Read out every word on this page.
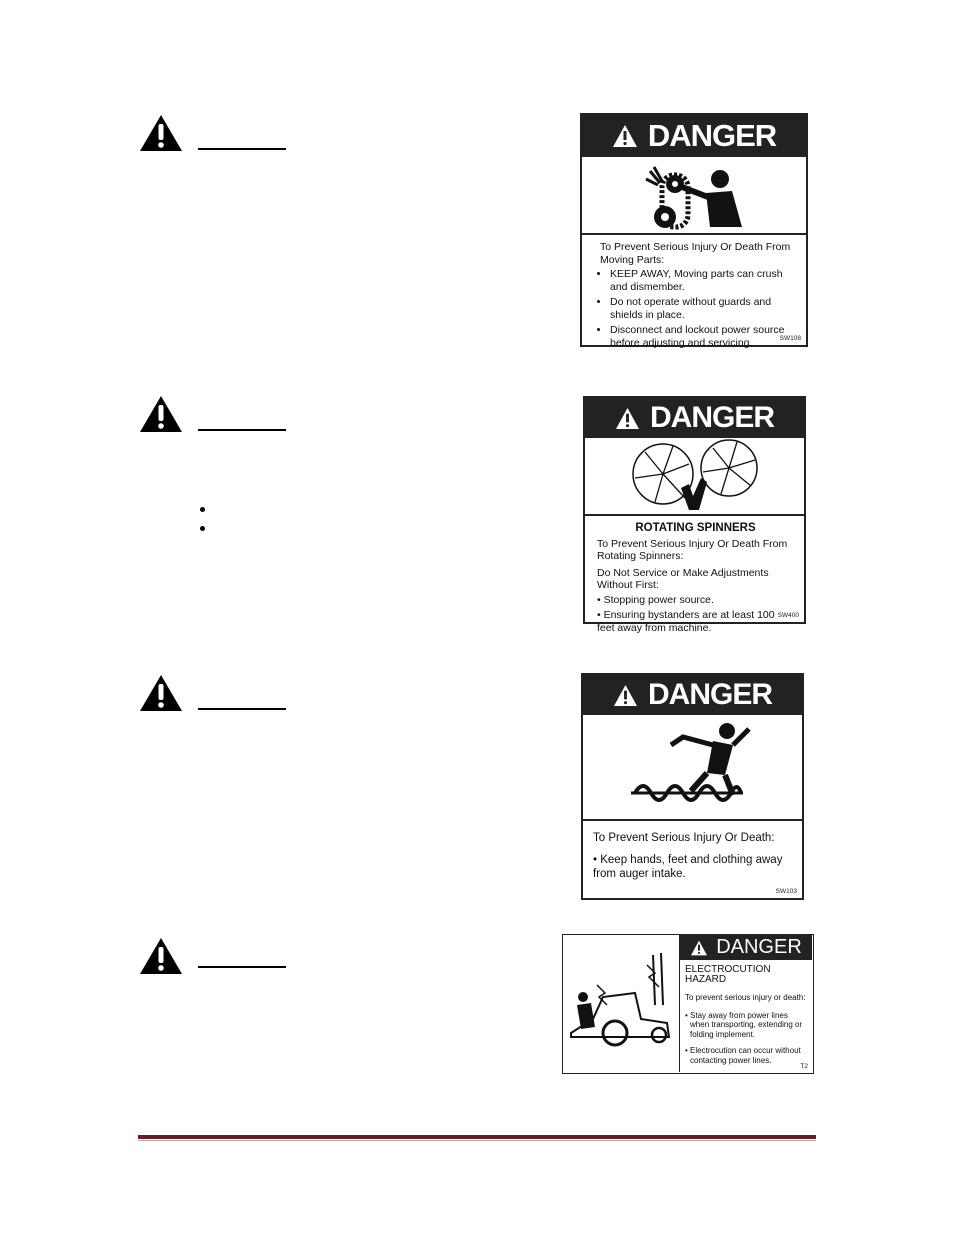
DANGER
To Prevent Serious Injury Or Death From Moving Parts:
• KEEP AWAY, Moving parts can crush and dismember.
• Do not operate without guards and shields in place.
• Disconnect and lockout power source before adjusting and servicing.	SW108
DANGER
ROTATING SPINNERS
To Prevent Serious Injury Or Death From Rotating Spinners:
Do Not Service or Make Adjustments Without First:
• Stopping power source.
• Ensuring bystanders are at least 100 feet away from machine.
SW400
DANGER
To Prevent Serious Injury Or Death:
• Keep hands, feet and clothing away from auger intake.
SW103
DANGER
ELECTROCUTION HAZARD
To prevent serious injury or death:
• Stay away from power lines when transporting, extending or folding implement.
• Electrocution can occur without contacting power lines.
T2
